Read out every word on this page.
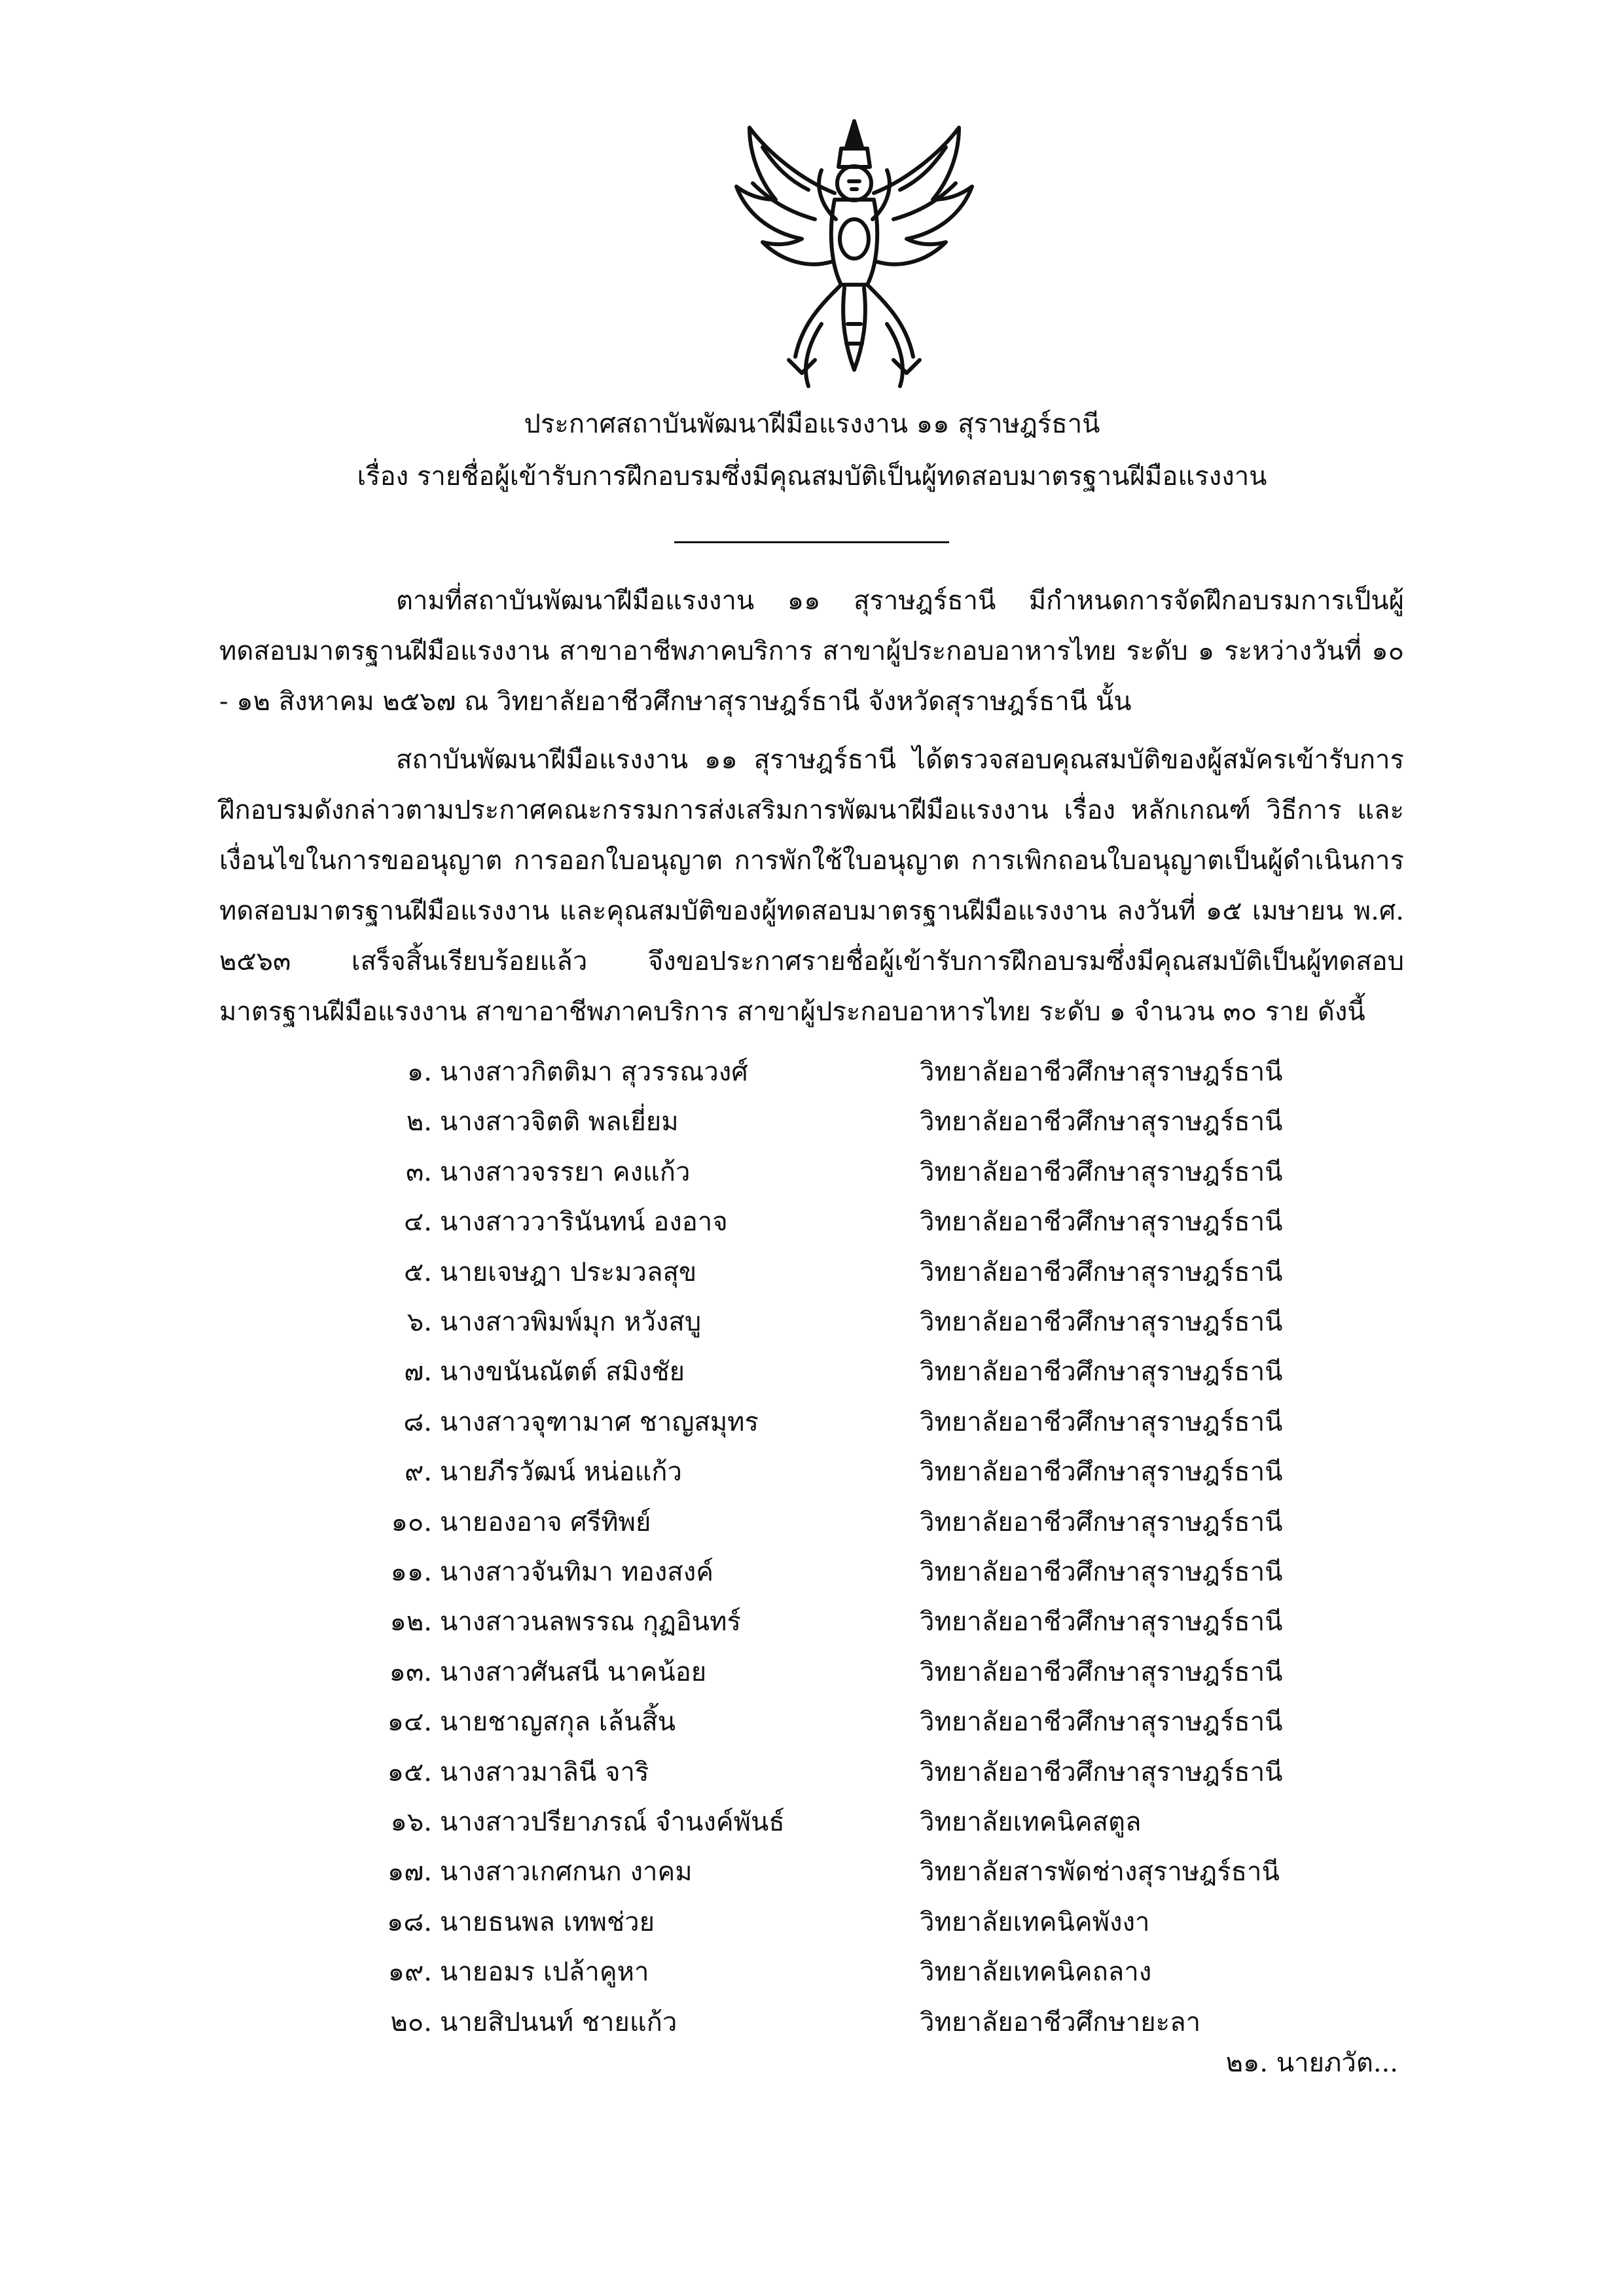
ประกาศสถาบันพัฒนาฝีมือแรงงาน ๑๑ สุราษฎร์ธานี
เรื่อง รายชื่อผู้เข้ารับการฝึกอบรมซึ่งมีคุณสมบัติเป็นผู้ทดสอบมาตรฐานฝีมือแรงงาน
ตามที่สถาบันพัฒนาฝีมือแรงงาน ๑๑ สุราษฎร์ธานี มีกำหนดการจัดฝึกอบรมการเป็นผู้ทดสอบมาตรฐานฝีมือแรงงาน สาขาอาชีพภาคบริการ สาขาผู้ประกอบอาหารไทย ระดับ ๑ ระหว่างวันที่ ๑๐ - ๑๒ สิงหาคม ๒๕๖๗ ณ วิทยาลัยอาชีวศึกษาสุราษฎร์ธานี จังหวัดสุราษฎร์ธานี นั้น
สถาบันพัฒนาฝีมือแรงงาน ๑๑ สุราษฎร์ธานี ได้ตรวจสอบคุณสมบัติของผู้สมัครเข้ารับการฝึกอบรมดังกล่าวตามประกาศคณะกรรมการส่งเสริมการพัฒนาฝีมือแรงงาน เรื่อง หลักเกณฑ์ วิธีการ และเงื่อนไขในการขออนุญาต การออกใบอนุญาต การพักใช้ใบอนุญาต การเพิกถอนใบอนุญาตเป็นผู้ดำเนินการทดสอบมาตรฐานฝีมือแรงงาน และคุณสมบัติของผู้ทดสอบมาตรฐานฝีมือแรงงาน ลงวันที่ ๑๕ เมษายน พ.ศ. ๒๕๖๓ เสร็จสิ้นเรียบร้อยแล้ว จึงขอประกาศรายชื่อผู้เข้ารับการฝึกอบรมซึ่งมีคุณสมบัติเป็นผู้ทดสอบมาตรฐานฝีมือแรงงาน สาขาอาชีพภาคบริการ สาขาผู้ประกอบอาหารไทย ระดับ ๑ จำนวน ๓๐ ราย ดังนี้
๑. นางสาวกิตติมา สุวรรณวงศ์	วิทยาลัยอาชีวศึกษาสุราษฎร์ธานี
๒. นางสาวจิตติ พลเยี่ยม	วิทยาลัยอาชีวศึกษาสุราษฎร์ธานี
๓. นางสาวจรรยา คงแก้ว	วิทยาลัยอาชีวศึกษาสุราษฎร์ธานี
๔. นางสาววารินันทน์ องอาจ	วิทยาลัยอาชีวศึกษาสุราษฎร์ธานี
๕. นายเจษฎา ประมวลสุข	วิทยาลัยอาชีวศึกษาสุราษฎร์ธานี
๖. นางสาวพิมพ์มุก หวังสบู	วิทยาลัยอาชีวศึกษาสุราษฎร์ธานี
๗. นางขนันณัตต์ สมิงชัย	วิทยาลัยอาชีวศึกษาสุราษฎร์ธานี
๘. นางสาวจุฑามาศ ชาญสมุทร	วิทยาลัยอาชีวศึกษาสุราษฎร์ธานี
๙. นายภีรวัฒน์ หน่อแก้ว	วิทยาลัยอาชีวศึกษาสุราษฎร์ธานี
๑๐. นายองอาจ ศรีทิพย์	วิทยาลัยอาชีวศึกษาสุราษฎร์ธานี
๑๑. นางสาวจันทิมา ทองสงค์	วิทยาลัยอาชีวศึกษาสุราษฎร์ธานี
๑๒. นางสาวนลพรรณ กุฏอินทร์	วิทยาลัยอาชีวศึกษาสุราษฎร์ธานี
๑๓. นางสาวศันสนี นาคน้อย	วิทยาลัยอาชีวศึกษาสุราษฎร์ธานี
๑๔. นายชาญสกุล เล้นสิ้น	วิทยาลัยอาชีวศึกษาสุราษฎร์ธานี
๑๕. นางสาวมาลินี จาริ	วิทยาลัยอาชีวศึกษาสุราษฎร์ธานี
๑๖. นางสาวปรียาภรณ์ จำนงค์พันธ์	วิทยาลัยเทคนิคสตูล
๑๗. นางสาวเกศกนก งาคม	วิทยาลัยสารพัดช่างสุราษฎร์ธานี
๑๘. นายธนพล เทพช่วย	วิทยาลัยเทคนิคพังงา
๑๙. นายอมร เปล้าคูหา	วิทยาลัยเทคนิคถลาง
๒๐. นายสิปนนท์ ชายแก้ว	วิทยาลัยอาชีวศึกษายะลา
๒๑. นายภวัต...
